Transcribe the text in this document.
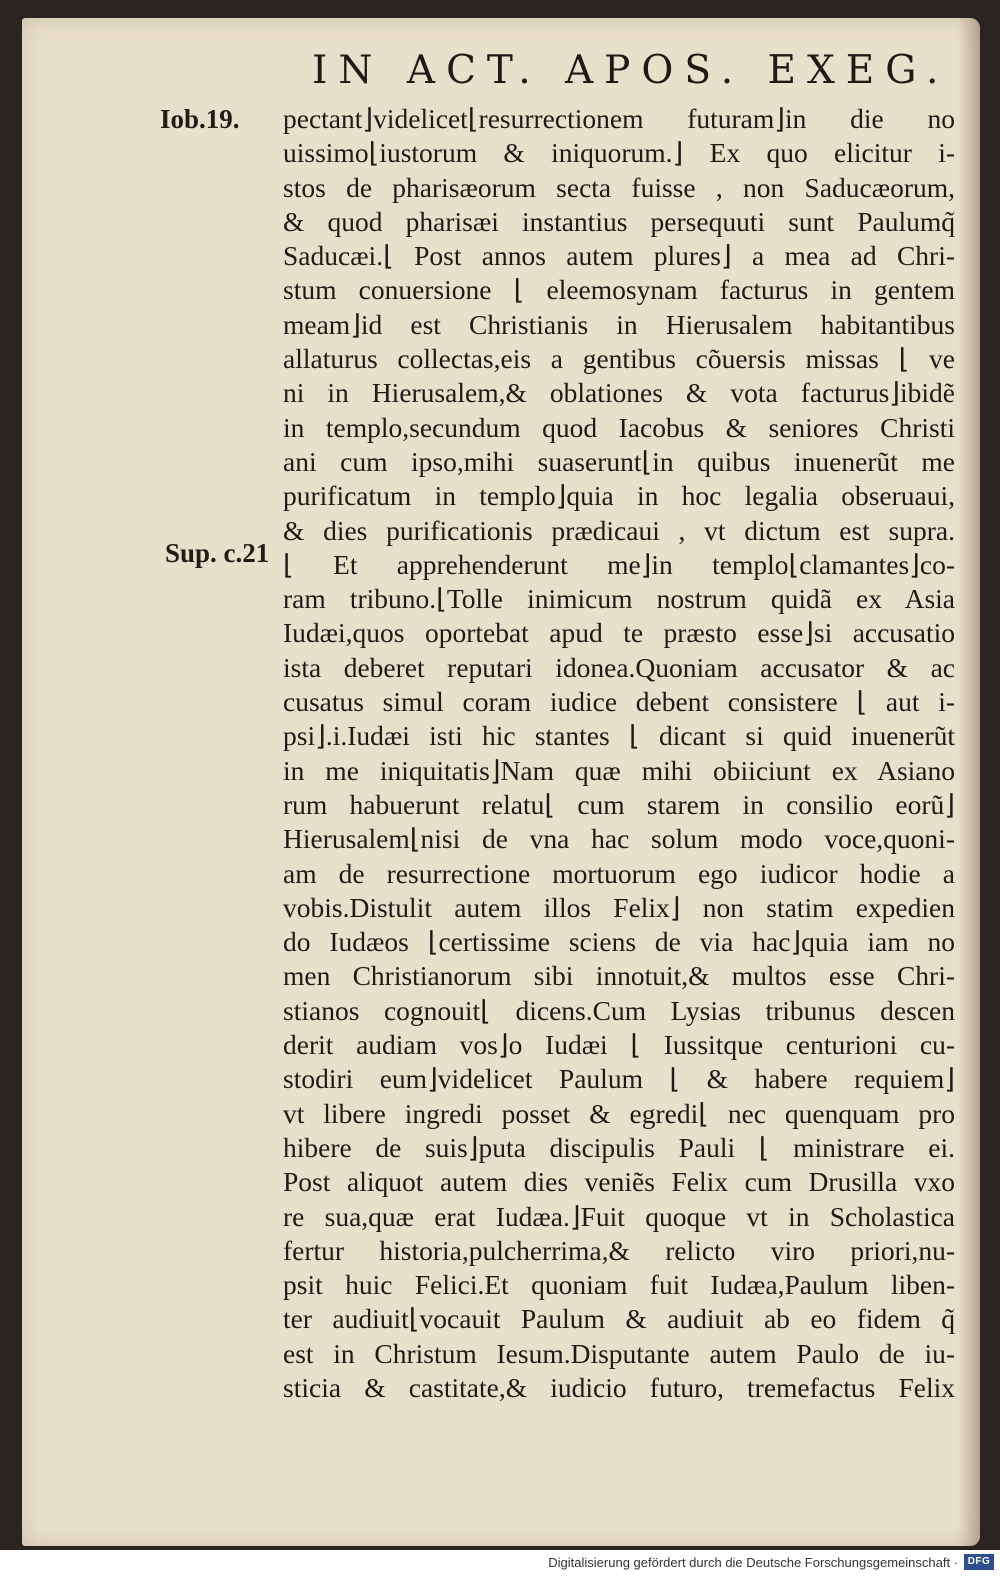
IN ACT. APOS. EXEG.
Iob.19.
Sup. c.21
pectant⌋videlicet⌊resurrectionem futuram⌋in die no
uissimo⌊iustorum & iniquorum.⌋ Ex quo elicitur i-
stos de pharisæorum secta fuisse , non Saducæorum,
& quod pharisæi instantius persequuti sunt Paulumq̃
Saducæi.⌊ Post annos autem plures⌋ a mea ad Chri-
stum conuersione ⌊ eleemosynam facturus in gentem
meam⌋id est Christianis in Hierusalem habitantibus
allaturus collectas,eis a gentibus cõuersis missas ⌊ ve
ni in Hierusalem,& oblationes & vota facturus⌋ibidẽ
in templo,secundum quod Iacobus & seniores Christi
ani cum ipso,mihi suaserunt⌊in quibus inuenerũt me
purificatum in templo⌋quia in hoc legalia obseruaui,
& dies purificationis prædicaui , vt dictum est supra.
⌊ Et apprehenderunt me⌋in templo⌊clamantes⌋co-
ram tribuno.⌊Tolle inimicum nostrum quidã ex Asia
Iudæi,quos oportebat apud te præsto esse⌋si accusatio
ista deberet reputari idonea.Quoniam accusator & ac
cusatus simul coram iudice debent consistere ⌊ aut i-
psi⌋.i.Iudæi isti hic stantes ⌊ dicant si quid inuenerũt
in me iniquitatis⌋Nam quæ mihi obiiciunt ex Asiano
rum habuerunt relatu⌊ cum starem in consilio eorũ⌋
Hierusalem⌊nisi de vna hac solum modo voce,quoni-
am de resurrectione mortuorum ego iudicor hodie a
vobis.Distulit autem illos Felix⌋ non statim expedien
do Iudæos ⌊certissime sciens de via hac⌋quia iam no
men Christianorum sibi innotuit,& multos esse Chri-
stianos cognouit⌊ dicens.Cum Lysias tribunus descen
derit audiam vos⌋o Iudæi ⌊ Iussitque centurioni cu-
stodiri eum⌋videlicet Paulum ⌊ & habere requiem⌋
vt libere ingredi posset & egredi⌊ nec quenquam pro
hibere de suis⌋puta discipulis Pauli ⌊ ministrare ei.
Post aliquot autem dies veniẽs Felix cum Drusilla vxo
re sua,quæ erat Iudæa.⌋Fuit quoque vt in Scholastica
fertur historia,pulcherrima,& relicto viro priori,nu-
psit huic Felici.Et quoniam fuit Iudæa,Paulum liben-
ter audiuit⌊vocauit Paulum & audiuit ab eo fidem q̃
est in Christum Iesum.Disputante autem Paulo de iu-
sticia & castitate,& iudicio futuro, tremefactus Felix
Digitalisierung gefördert durch die Deutsche Forschungsgemeinschaft · DFG
